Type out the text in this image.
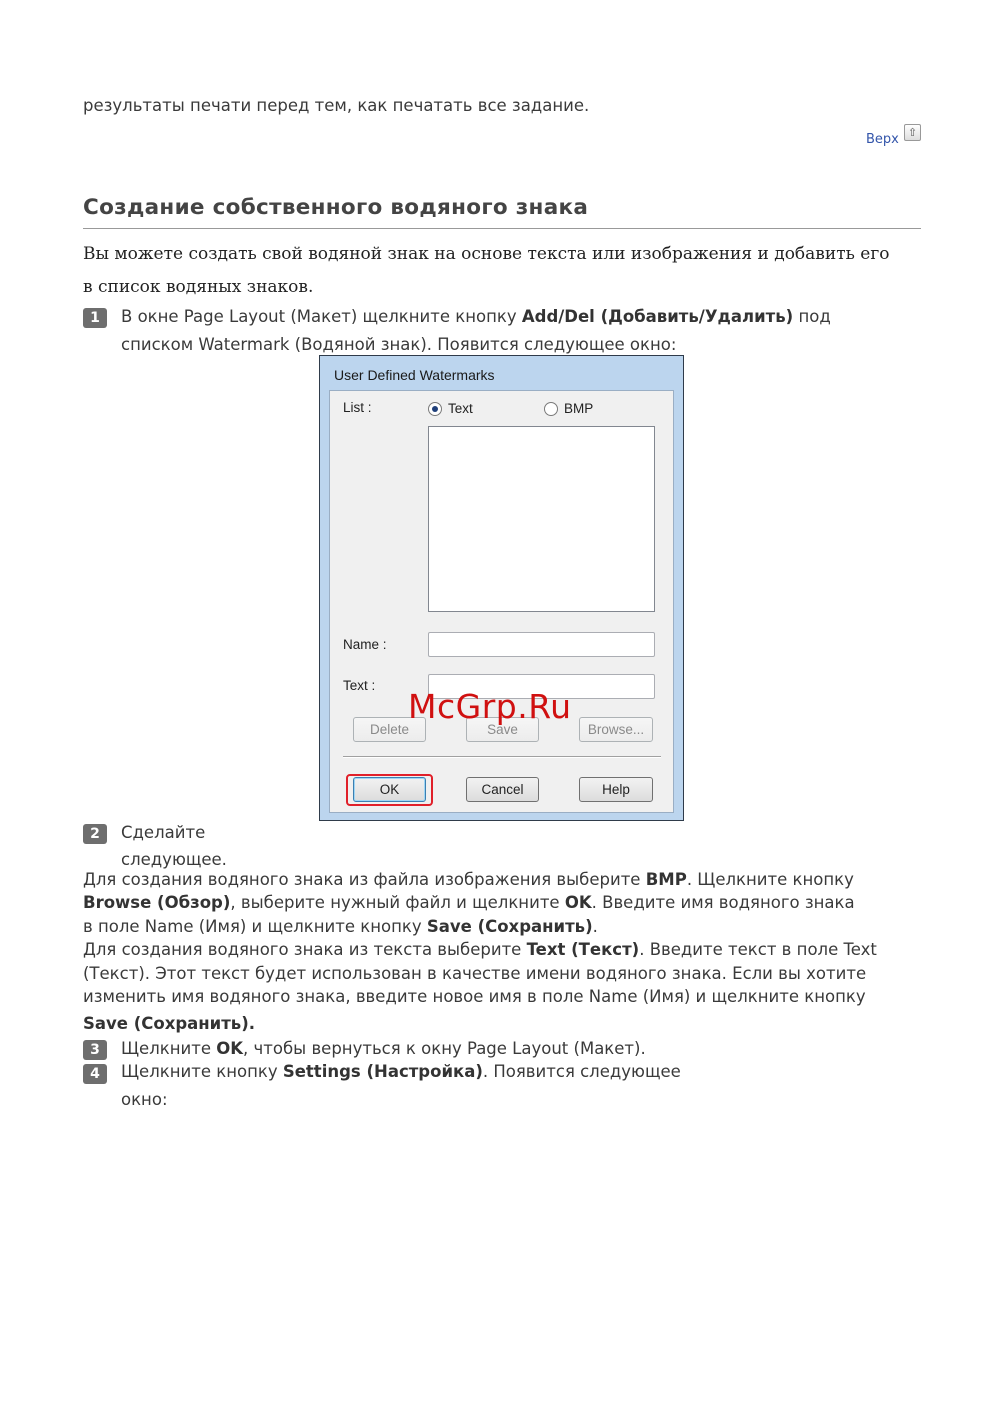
результаты печати перед тем, как печатать все задание.
Верх ⇧
Создание собственного водяного знака
Вы можете создать свой водяной знак на основе текста или изображения и добавить его
в список водяных знаков.
1	В окне Page Layout (Макет) щелкните кнопку Add/Del (Добавить/Удалить) под
списком Watermark (Водяной знак). Появится следующее окно:
User Defined Watermarks
List :	Text	BMP
Name :
Text :
Delete	Save	Browse...
OK	Cancel	Help
McGrp.Ru
2	Сделайте
следующее.
Для создания водяного знака из файла изображения выберите BMP. Щелкните кнопку
Browse (Обзор), выберите нужный файл и щелкните OK. Введите имя водяного знака
в поле Name (Имя) и щелкните кнопку Save (Сохранить).
Для создания водяного знака из текста выберите Text (Текст). Введите текст в поле Text
(Текст). Этот текст будет использован в качестве имени водяного знака. Если вы хотите
изменить имя водяного знака, введите новое имя в поле Name (Имя) и щелкните кнопку
Save (Сохранить).
3	Щелкните OK, чтобы вернуться к окну Page Layout (Макет).
4	Щелкните кнопку Settings (Настройка). Появится следующее
окно:
